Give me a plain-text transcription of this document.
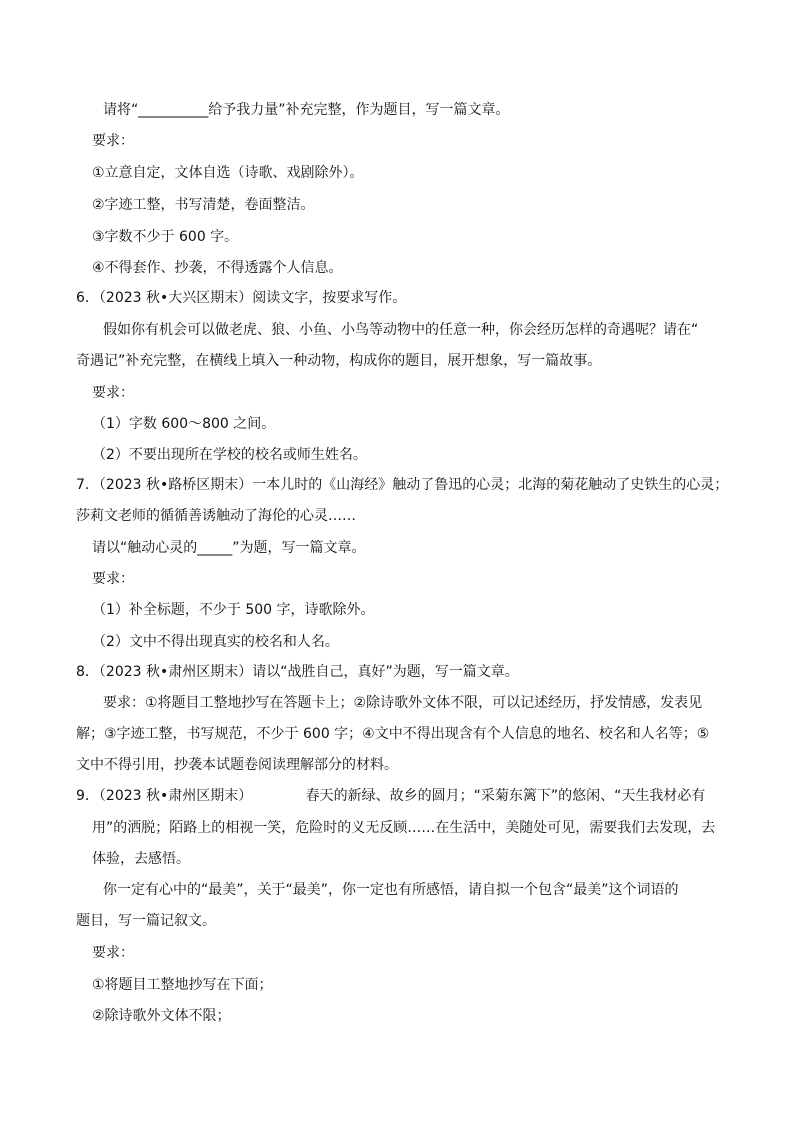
请将“__________给予我力量”补充完整，作为题目，写一篇文章。
要求：
①立意自定，文体自选（诗歌、戏剧除外）。
②字迹工整，书写清楚，卷面整洁。
③字数不少于 600 字。
④不得套作、抄袭，不得透露个人信息。
6．（2023 秋•大兴区期末）阅读文字，按要求写作。
假如你有机会可以做老虎、狼、小鱼、小鸟等动物中的任意一种，你会经历怎样的奇遇呢？请在“
奇遇记”补充完整，在横线上填入一种动物，构成你的题目，展开想象，写一篇故事。
要求：
（1）字数 600～800 之间。
（2）不要出现所在学校的校名或师生姓名。
7．（2023 秋•路桥区期末）一本儿时的《山海经》触动了鲁迅的心灵；北海的菊花触动了史铁生的心灵；
莎莉文老师的循循善诱触动了海伦的心灵……
请以“触动心灵的_____”为题，写一篇文章。
要求：
（1）补全标题，不少于 500 字，诗歌除外。
（2）文中不得出现真实的校名和人名。
8．（2023 秋•肃州区期末）请以“战胜自己，真好”为题，写一篇文章。
要求：①将题目工整地抄写在答题卡上；②除诗歌外文体不限，可以记述经历，抒发情感，发表见
解；③字迹工整，书写规范，不少于 600 字；④文中不得出现含有个人信息的地名、校名和人名等；⑤
文中不得引用，抄袭本试题卷阅读理解部分的材料。
9．（2023 秋•肃州区期末）            春天的新绿、故乡的圆月；“采菊东篱下”的悠闲、“天生我材必有
用”的洒脱；陌路上的相视一笑，危险时的义无反顾……在生活中，美随处可见，需要我们去发现，去
体验，去感悟。
你一定有心中的“最美”，关于“最美”，你一定也有所感悟，请自拟一个包含“最美”这个词语的
题目，写一篇记叙文。
要求：
①将题目工整地抄写在下面；
②除诗歌外文体不限；
